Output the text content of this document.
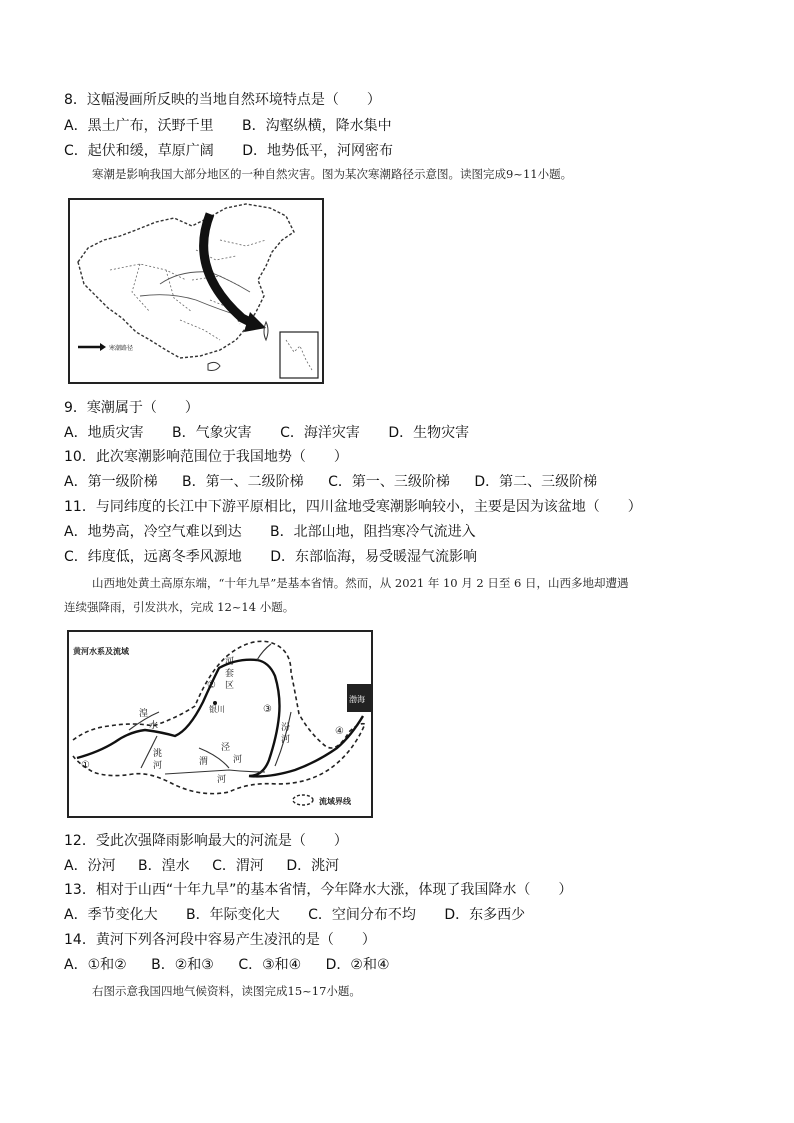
8．这幅漫画所反映的当地自然环境特点是（　　）
A．黑土广布，沃野千里 B．沟壑纵横，降水集中
C．起伏和缓，草原广阔 D．地势低平，河网密布
寒潮是影响我国大部分地区的一种自然灾害。图为某次寒潮路径示意图。读图完成9~11小题。
寒潮路径
9．寒潮属于（　　）
A．地质灾害 B．气象灾害 C．海洋灾害 D．生物灾害
10．此次寒潮影响范围位于我国地势（　　）
A．第一级阶梯 B．第一、二级阶梯 C．第一、三级阶梯 D．第二、三级阶梯
11．与同纬度的长江中下游平原相比，四川盆地受寒潮影响较小，主要是因为该盆地（　　）
A．地势高，冷空气难以到达 B．北部山地，阻挡寒冷气流进入
C．纬度低，远离冬季风源地 D．东部临海，易受暖湿气流影响
山西地处黄土高原东端，“十年九旱”是基本省情。然而，从 2021 年 10 月 2 日至 6 日，山西多地却遭遇
连续强降雨，引发洪水，完成 12~14 小题。
黄河水系及流域
渤海
河
套
区
银川
湟
水
洮
河	渭
河
泾
河
汾
河
①
②
③
④
流域界线
12．受此次强降雨影响最大的河流是（　　）
A．汾河 B．湟水 C．渭河 D．洮河
13．相对于山西“十年九旱”的基本省情，今年降水大涨，体现了我国降水（　　）
A．季节变化大 B．年际变化大 C．空间分布不均 D．东多西少
14．黄河下列各河段中容易产生凌汛的是（　　）
A．①和② B．②和③ C．③和④ D．②和④
右图示意我国四地气候资料，读图完成15~17小题。
